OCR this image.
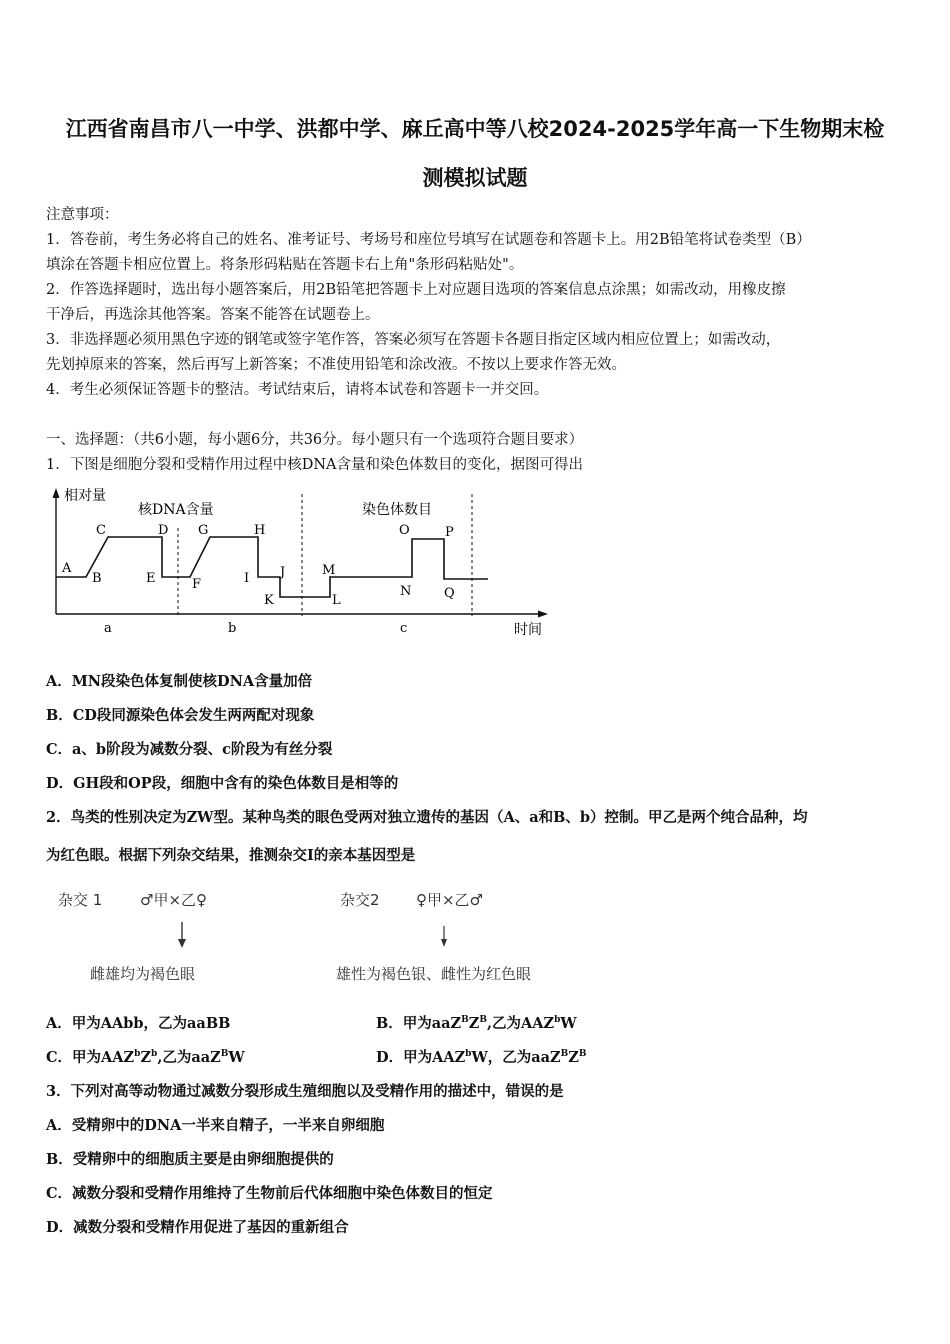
江西省南昌市八一中学、洪都中学、麻丘高中等八校2024-2025学年高一下生物期末检
测模拟试题
注意事项：
1．答卷前，考生务必将自己的姓名、准考证号、考场号和座位号填写在试题卷和答题卡上。用2B铅笔将试卷类型（B）
填涂在答题卡相应位置上。将条形码粘贴在答题卡右上角"条形码粘贴处"。
2．作答选择题时，选出每小题答案后，用2B铅笔把答题卡上对应题目选项的答案信息点涂黑；如需改动，用橡皮擦
干净后，再选涂其他答案。答案不能答在试题卷上。
3．非选择题必须用黑色字迹的钢笔或签字笔作答，答案必须写在答题卡各题目指定区域内相应位置上；如需改动，
先划掉原来的答案，然后再写上新答案；不准使用铅笔和涂改液。不按以上要求作答无效。
4．考生必须保证答题卡的整洁。考试结束后，请将本试卷和答题卡一并交回。
一、选择题：（共6小题，每小题6分，共36分。每小题只有一个选项符合题目要求）
1．下图是细胞分裂和受精作用过程中核DNA含量和染色体数目的变化，据图可得出
相对量
时间
核DNA含量	染色体数目
A
B
C	D
E	F
G	H
I J
K	L
M
N
O	P
Q
a	b	c
A．MN段染色体复制使核DNA含量加倍
B．CD段同源染色体会发生两两配对现象
C．a、b阶段为减数分裂、c阶段为有丝分裂
D．GH段和OP段，细胞中含有的染色体数目是相等的
2．鸟类的性别决定为ZW型。某种鸟类的眼色受两对独立遗传的基因（A、a和B、b）控制。甲乙是两个纯合品种，均
为红色眼。根据下列杂交结果，推测杂交I的亲本基因型是
杂交 1	♂甲×乙♀
雌雄均为褐色眼
杂交2 ♀甲×乙♂
雄性为褐色银、雌性为红色眼
A．甲为AAbb，乙为aaBB	B．甲为$aaZ^BZ^B$,乙为AAZ$^b$W
C．甲为$AAZ^bZ^b$,乙为aaZ$^B$W	D．甲为AAZ$^b$W，乙为$aaZ^BZ^B$
3．下列对高等动物通过减数分裂形成生殖细胞以及受精作用的描述中，错误的是
A．受精卵中的DNA一半来自精子，一半来自卵细胞
B．受精卵中的细胞质主要是由卵细胞提供的
C．减数分裂和受精作用维持了生物前后代体细胞中染色体数目的恒定
D．减数分裂和受精作用促进了基因的重新组合
